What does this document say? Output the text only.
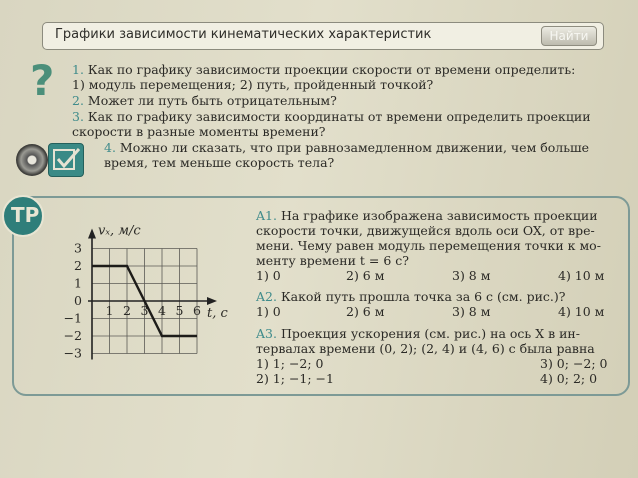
Графики зависимости кинематических характеристик	Найти
? 1. Как по графику зависимости проекции скорости от времени определить:
1) модуль перемещения; 2) путь, пройденный точкой?
2. Может ли путь быть отрицательным?
3. Как по графику зависимости координаты от времени определить проекции
скорости в разные моменты времени?
4. Можно ли сказать, что при равнозамедленном движении, чем больше
время, тем меньше скорость тела?
ТР
vₓ, м/с
t, с
1 2 3 4 5 6
3
2
1
0
−1
−2
−3
A1. На графике изображена зависимость проекции
скорости точки, движущейся вдоль оси OX, от вре-
мени. Чему равен модуль перемещения точки к мо-
менту времени t = 6 с?
1) 0	2) 6 м	3) 8 м	4) 10 м
A2. Какой путь прошла точка за 6 с (см. рис.)?
1) 0	2) 6 м	3) 8 м	4) 10 м
A3. Проекция ускорения (см. рис.) на ось X в ин-
тервалах времени (0, 2); (2, 4) и (4, 6) с была равна
1) 1; −2; 0	3) 0; −2; 0
2) 1; −1; −1	4) 0; 2; 0
